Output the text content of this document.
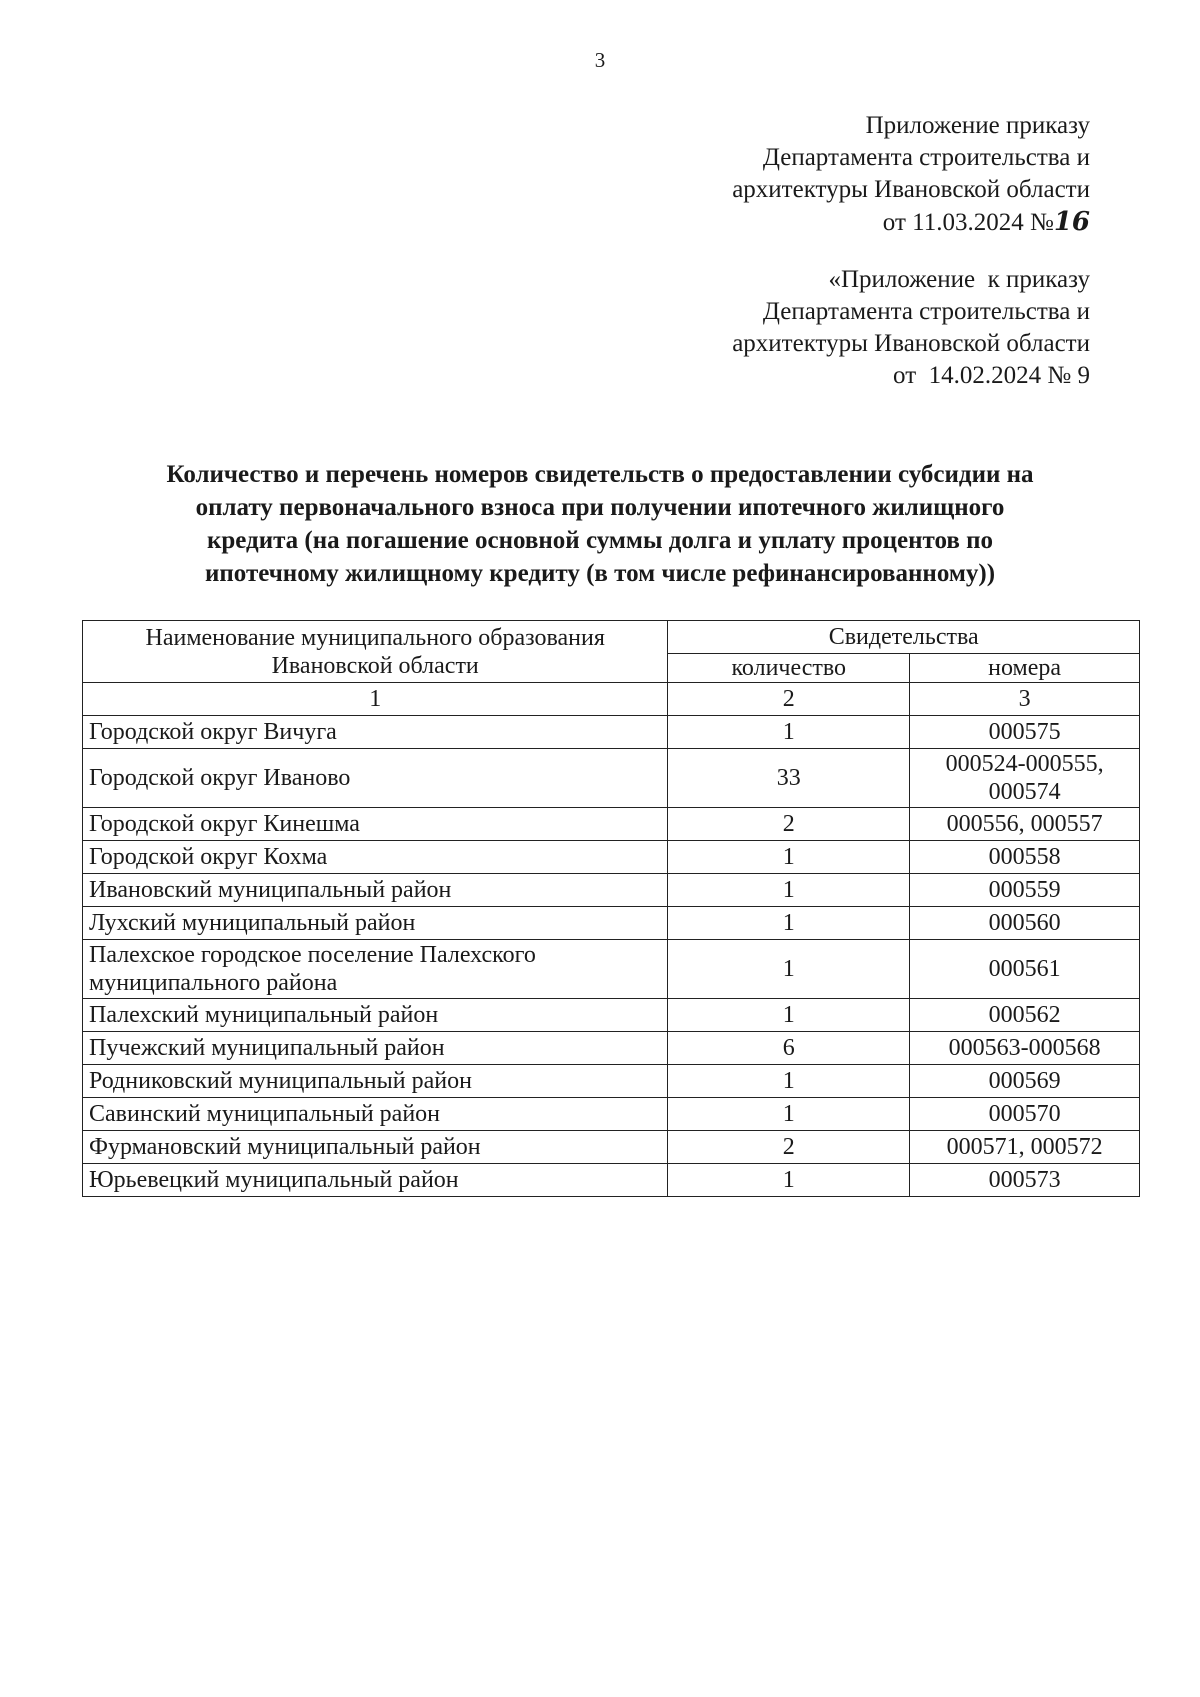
3
Приложение приказу
Департамента строительства и
архитектуры Ивановской области
от 11.03.2024 №16
«Приложение  к приказу
Департамента строительства и
архитектуры Ивановской области
от  14.02.2024 № 9
Количество и перечень номеров свидетельств о предоставлении субсидии на
оплату первоначального взноса при получении ипотечного жилищного
кредита (на погашение основной суммы долга и уплату процентов по
ипотечному жилищному кредиту (в том числе рефинансированному))
Наименование муниципального образования Ивановской области	Свидетельства	
	количество	номера
1	2	3
Городской округ Вичуга	1	000575
Городской округ Иваново	33	000524-000555, 000574
Городской округ Кинешма	2	000556, 000557
Городской округ Кохма	1	000558
Ивановский муниципальный район	1	000559
Лухский муниципальный район	1	000560
Палехское городское поселение Палехского муниципального района	1	000561
Палехский муниципальный район	1	000562
Пучежский муниципальный район	6	000563-000568
Родниковский муниципальный район	1	000569
Савинский муниципальный район	1	000570
Фурмановский муниципальный район	2	000571, 000572
Юрьевецкий муниципальный район	1	000573
